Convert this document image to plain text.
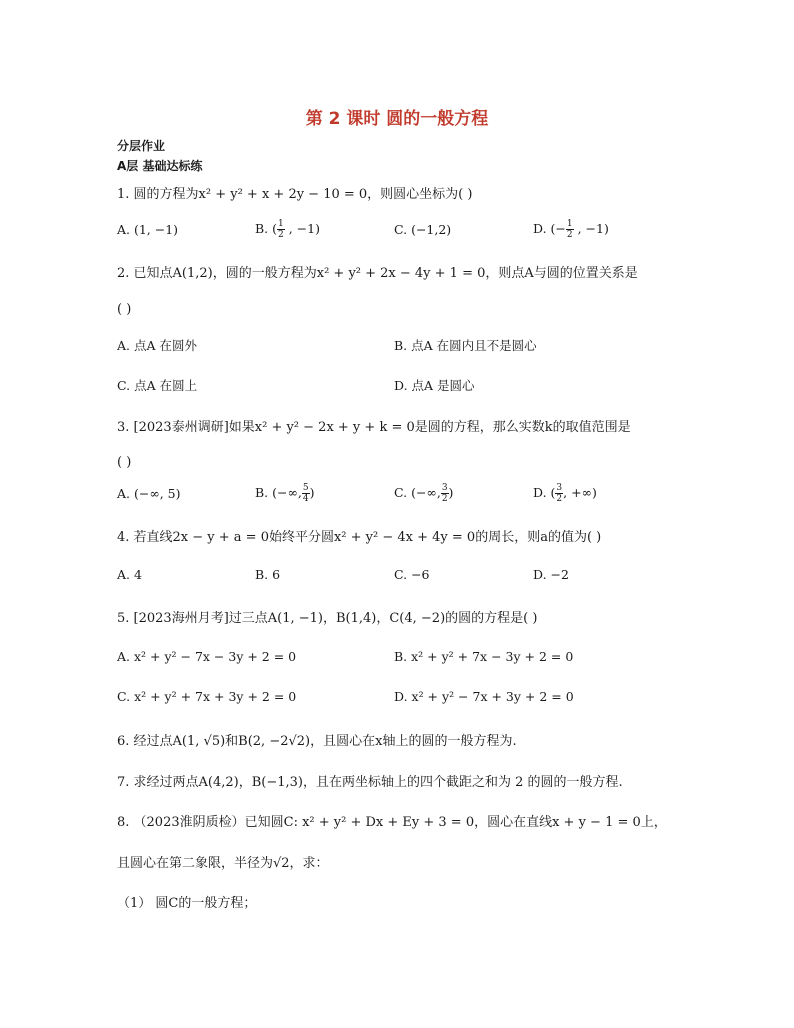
第 2 课时 圆的一般方程
分层作业
A层 基础达标练
1. 圆的方程为x² + y² + x + 2y − 10 = 0，则圆心坐标为( )
A. (1, −1)	B. ( $\frac{1}{2}$ , −1)	C. (−1,2)	D. (− $\frac{1}{2}$ , −1)
2. 已知点A(1,2)，圆的一般方程为x² + y² + 2x − 4y + 1 = 0，则点A与圆的位置关系是
( )
A. 点A 在圆外	B. 点A 在圆内且不是圆心
C. 点A 在圆上	D. 点A 是圆心
3. [2023泰州调研]如果x² + y² − 2x + y + k = 0是圆的方程，那么实数k的取值范围是
( )
A. (−∞, 5)	B. (−∞, $\frac{5}{4}$ )	C. (−∞, $\frac{3}{2}$ )	D. ( $\frac{3}{2}$ , +∞)
4. 若直线2x − y + a = 0始终平分圆x² + y² − 4x + 4y = 0的周长，则a的值为( )
A. 4	B. 6	C. −6	D. −2
5. [2023海州月考]过三点A(1, −1)，B(1,4)，C(4, −2)的圆的方程是( )
A. x² + y² − 7x − 3y + 2 = 0	B. x² + y² + 7x − 3y + 2 = 0
C. x² + y² + 7x + 3y + 2 = 0	D. x² + y² − 7x + 3y + 2 = 0
6. 经过点A(1, √5)和B(2, −2√2)，且圆心在x轴上的圆的一般方程为.
7. 求经过两点A(4,2)，B(−1,3)，且在两坐标轴上的四个截距之和为 2 的圆的一般方程.
8. （2023淮阴质检）已知圆C: x² + y² + Dx + Ey + 3 = 0，圆心在直线x + y − 1 = 0上，
且圆心在第二象限，半径为√2，求：
（1） 圆C的一般方程；
